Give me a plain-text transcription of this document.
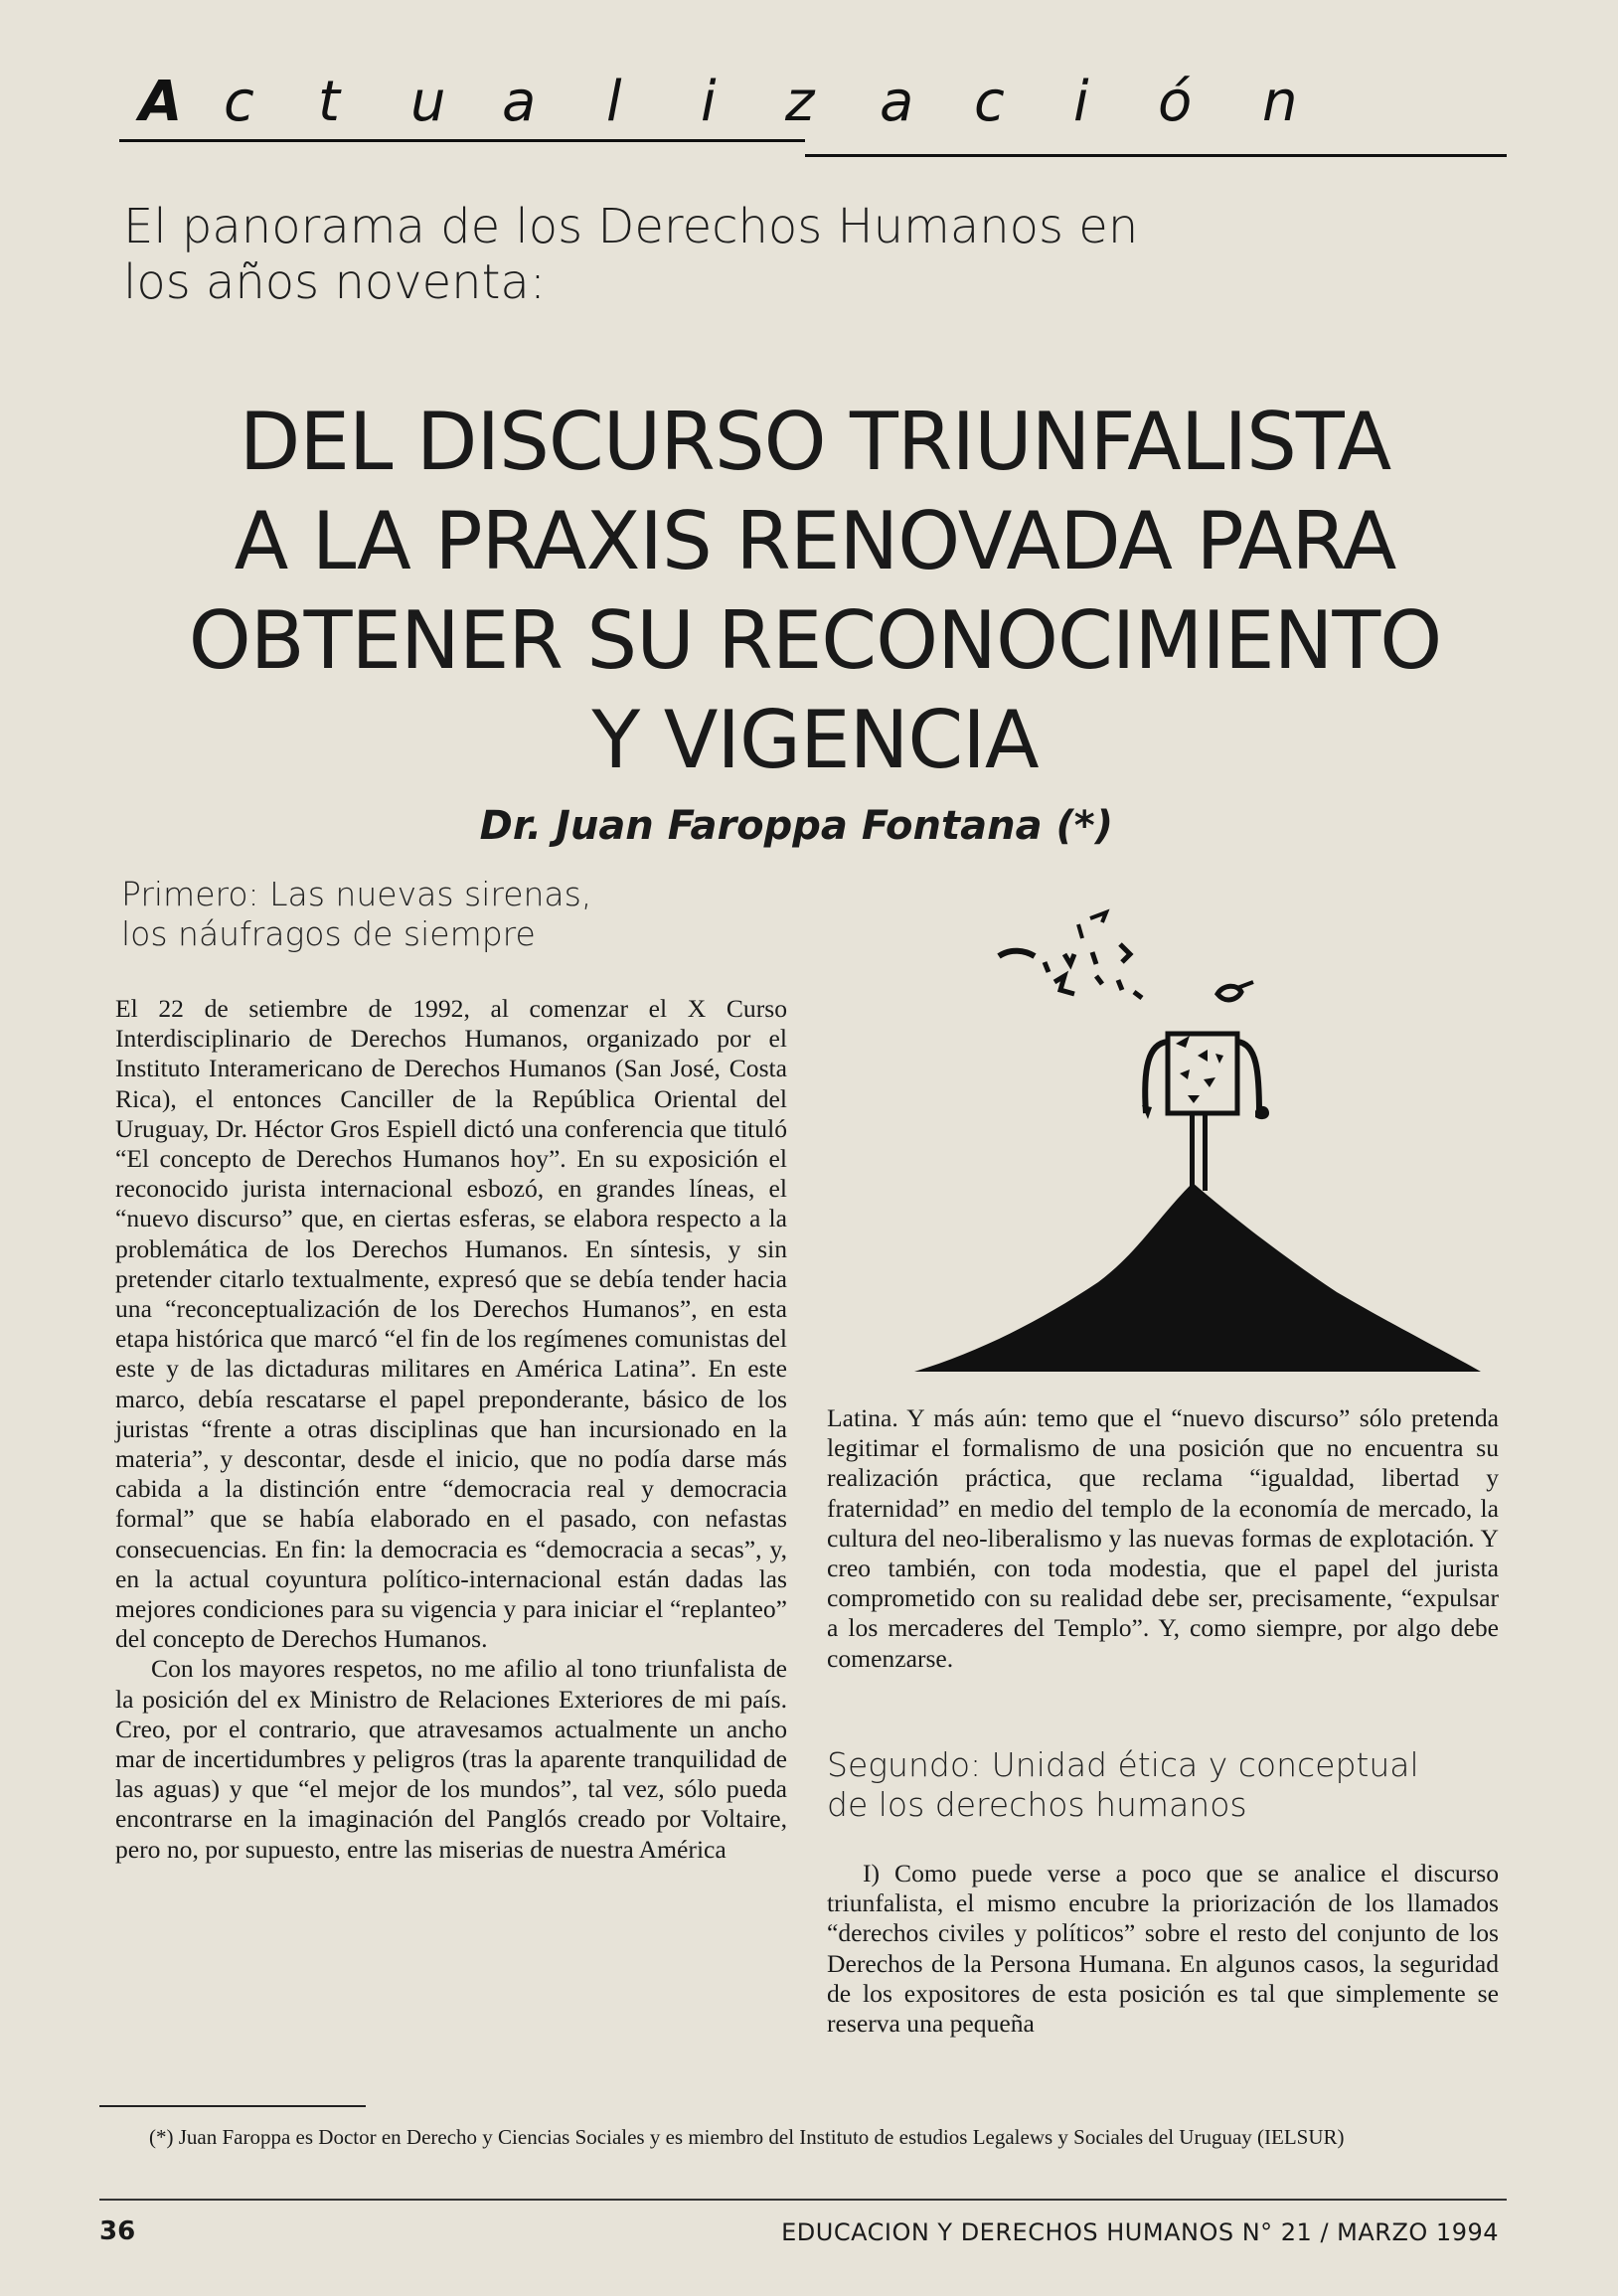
A c t u a l i z a c i ó n
El panorama de los Derechos Humanos en los años noventa:
DEL DISCURSO TRIUNFALISTA
A LA PRAXIS RENOVADA PARA
OBTENER SU RECONOCIMIENTO
Y VIGENCIA
Dr. Juan Faroppa Fontana (*)
Primero: Las nuevas sirenas,
los náufragos de siempre

El 22 de setiembre de 1992, al comenzar el X Curso Interdisciplinario de Derechos Humanos, organizado por el Instituto Interamericano de Derechos Humanos (San José, Costa Rica), el entonces Canciller de la República Oriental del Uruguay, Dr. Héctor Gros Espiell dictó una conferencia que tituló “El concepto de Derechos Humanos hoy”. En su exposición el reconocido jurista internacional esbozó, en grandes líneas, el “nuevo discurso” que, en ciertas esferas, se elabora respecto a la problemática de los Derechos Humanos. En síntesis, y sin pretender citarlo textualmente, expresó que se debía tender hacia una “reconceptualización de los Derechos Humanos”, en esta etapa histórica que marcó “el fin de los regímenes comunistas del este y de las dictaduras militares en América Latina”. En este marco, debía rescatarse el papel preponderante, básico de los juristas “frente a otras disciplinas que han incursionado en la materia”, y descontar, desde el inicio, que no podía darse más cabida a la distinción entre “democracia real y democracia formal” que se había elaborado en el pasado, con nefastas consecuencias. En fin: la democracia es “democracia a secas”, y, en la actual coyuntura político-internacional están dadas las mejores condiciones para su vigencia y para iniciar el “replanteo” del concepto de Derechos Humanos.

Con los mayores respetos, no me afilio al tono triunfalista de la posición del ex Ministro de Relaciones Exteriores de mi país. Creo, por el contrario, que atravesamos actualmente un ancho mar de incertidumbres y peligros (tras la aparente tranquilidad de las aguas) y que “el mejor de los mundos”, tal vez, sólo pueda encontrarse en la imaginación del Panglós creado por Voltaire, pero no, por supuesto, entre las miserias de nuestra América

Latina. Y más aún: temo que el “nuevo discurso” sólo pretenda legitimar el formalismo de una posición que no encuentra su realización práctica, que reclama “igualdad, libertad y fraternidad” en medio del templo de la economía de mercado, la cultura del neo-liberalismo y las nuevas formas de explotación. Y creo también, con toda modestia, que el papel del jurista comprometido con su realidad debe ser, precisamente, “expulsar a los mercaderes del Templo”. Y, como siempre, por algo debe comenzarse.

Segundo: Unidad ética y conceptual
de los derechos humanos

I) Como puede verse a poco que se analice el discurso triunfalista, el mismo encubre la priorización de los llamados “derechos civiles y políticos” sobre el resto del conjunto de los Derechos de la Persona Humana. En algunos casos, la seguridad de los expositores de esta posición es tal que simplemente se reserva una pequeña

(*) Juan Faroppa es Doctor en Derecho y Ciencias Sociales y es miembro del Instituto de estudios Legalews y Sociales del Uruguay (IELSUR)
36	EDUCACION Y DERECHOS HUMANOS N° 21 / MARZO 1994
